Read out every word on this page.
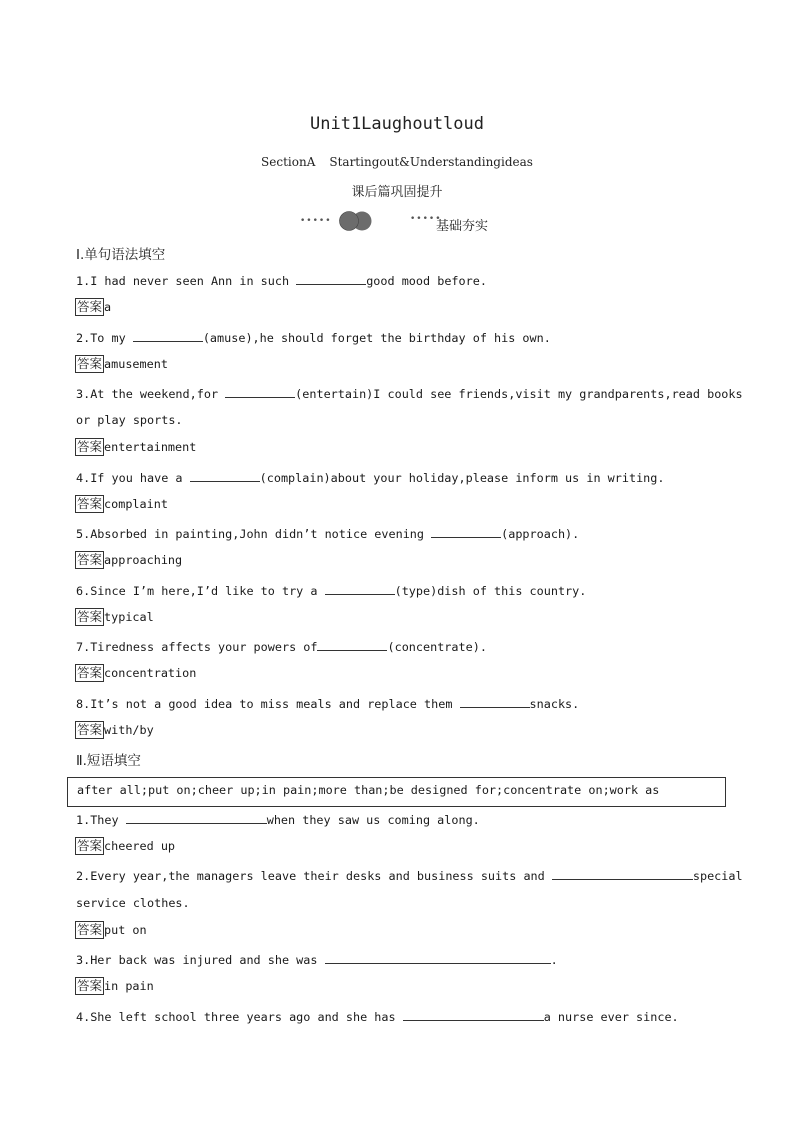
Unit1Laughoutloud
SectionA Startingout&Understandingideas
课后篇巩固提升
•••••	•••••
基础夯实
Ⅰ.单句语法填空
1.I had never seen Ann in such	good mood before.
答案 a
2.To my	(amuse),he should forget the birthday of his own.
答案 amusement
3.At the weekend,for	(entertain)I could see friends,visit my grandparents,read books
or play sports.
答案 entertainment
4.If you have a	(complain)about your holiday,please inform us in writing.
答案 complaint
5.Absorbed in painting,John didn’t notice evening	(approach).
答案 approaching
6.Since I’m here,I’d like to try a	(type)dish of this country.
答案 typical
7.Tiredness affects your powers of	(concentrate).
答案 concentration
8.It’s not a good idea to miss meals and replace them	snacks.
答案 with/by
Ⅱ.短语填空
after all;put on;cheer up;in pain;more than;be designed for;concentrate on;work as
1.They	when they saw us coming along.
答案 cheered up
2.Every year,the managers leave their desks and business suits and	special
service clothes.
答案 put on
3.Her back was injured and she was	.
答案 in pain
4.She left school three years ago and she has	a nurse ever since.
